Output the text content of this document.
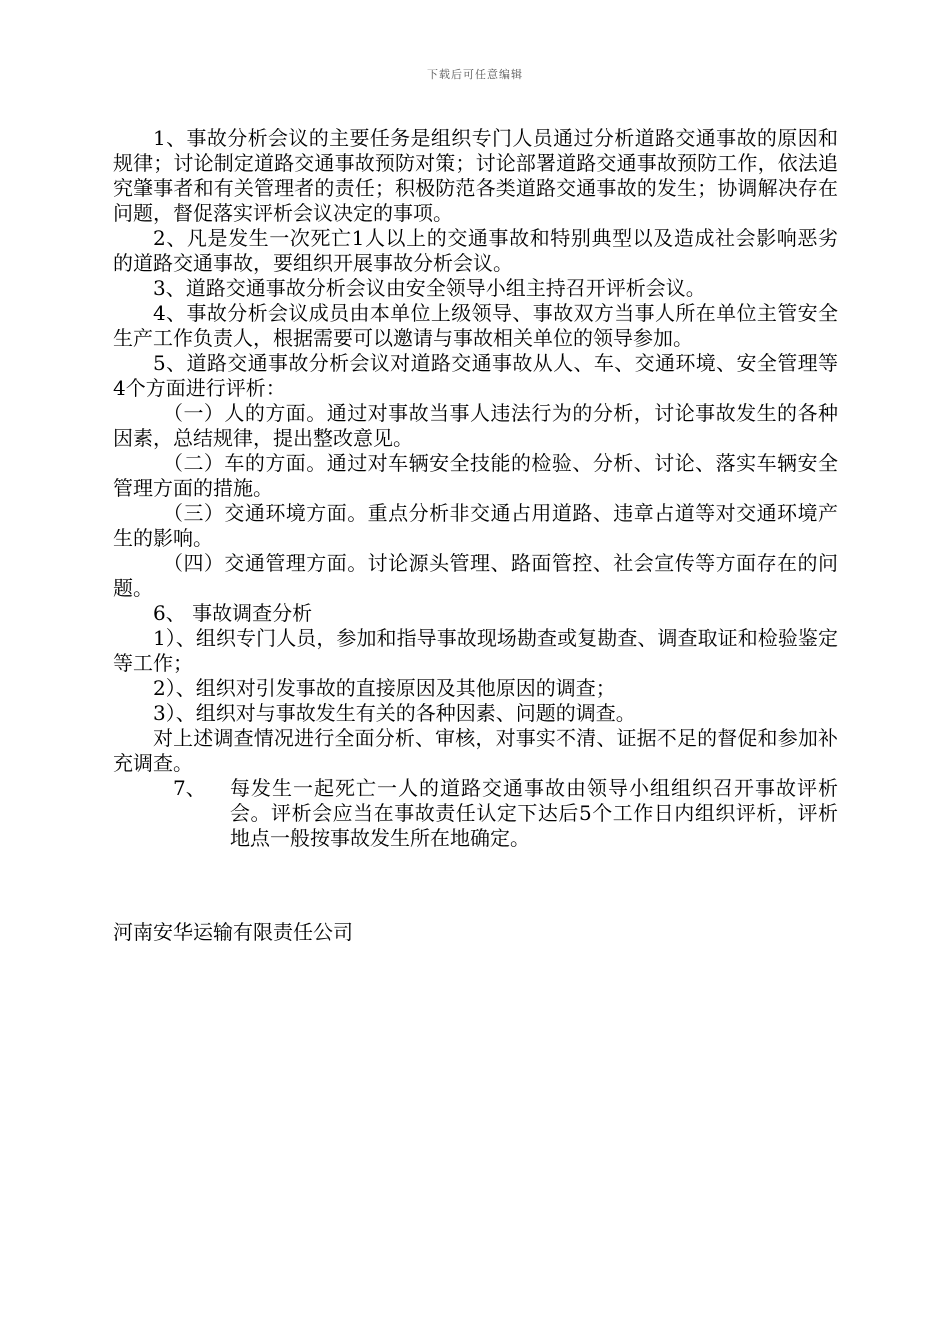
下载后可任意编辑

1、事故分析会议的主要任务是组织专门人员通过分析道路交通事故的原因和规律；讨论制定道路交通事故预防对策；讨论部署道路交通事故预防工作，依法追究肇事者和有关管理者的责任；积极防范各类道路交通事故的发生；协调解决存在问题，督促落实评析会议决定的事项。

2、凡是发生一次死亡1人以上的交通事故和特别典型以及造成社会影响恶劣的道路交通事故，要组织开展事故分析会议。

3、道路交通事故分析会议由安全领导小组主持召开评析会议。

4、事故分析会议成员由本单位上级领导、事故双方当事人所在单位主管安全生产工作负责人，根据需要可以邀请与事故相关单位的领导参加。

5、道路交通事故分析会议对道路交通事故从人、车、交通环境、安全管理等4个方面进行评析：

（一）人的方面。通过对事故当事人违法行为的分析，讨论事故发生的各种因素，总结规律，提出整改意见。

（二）车的方面。通过对车辆安全技能的检验、分析、讨论、落实车辆安全管理方面的措施。

（三）交通环境方面。重点分析非交通占用道路、违章占道等对交通环境产生的影响。

（四）交通管理方面。讨论源头管理、路面管控、社会宣传等方面存在的问题。

6、 事故调查分析

1）、组织专门人员，参加和指导事故现场勘查或复勘查、调查取证和检验鉴定等工作；

2）、组织对引发事故的直接原因及其他原因的调查；

3）、组织对与事故发生有关的各种因素、问题的调查。

对上述调查情况进行全面分析、审核，对事实不清、证据不足的督促和参加补充调查。

7、 每发生一起死亡一人的道路交通事故由领导小组组织召开事故评析会。评析会应当在事故责任认定下达后5个工作日内组织评析，评析地点一般按事故发生所在地确定。
河南安华运输有限责任公司
